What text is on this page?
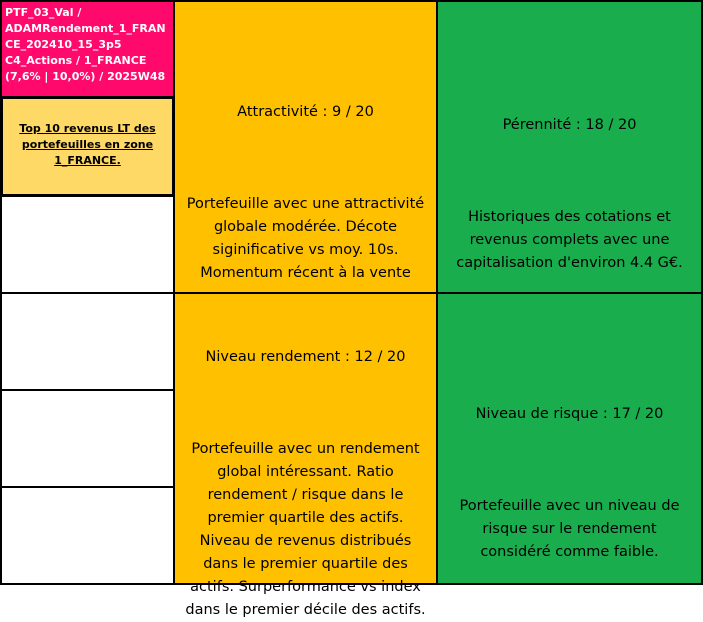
PTF_03_Val /
ADAMRendement_1_FRAN
CE_202410_15_3p5
C4_Actions / 1_FRANCE
(7,6% | 10,0%) / 2025W48
Top 10 revenus LT des
portefeuilles en zone
1_FRANCE.

Attractivité : 9 / 20

Portefeuille avec une attractivité
globale modérée. Décote
siginificative vs moy. 10s.
Momentum récent à la vente

Niveau rendement : 12 / 20

Portefeuille avec un rendement
global intéressant. Ratio
rendement / risque dans le
premier quartile des actifs.
Niveau de revenus distribués
dans le premier quartile des
actifs. Surperformance vs index
dans le premier décile des actifs.

Pérennité : 18 / 20

Historiques des cotations et
revenus complets avec une
capitalisation d'environ 4.4 G€.

Niveau de risque : 17 / 20

Portefeuille avec un niveau de
risque sur le rendement
considéré comme faible.
